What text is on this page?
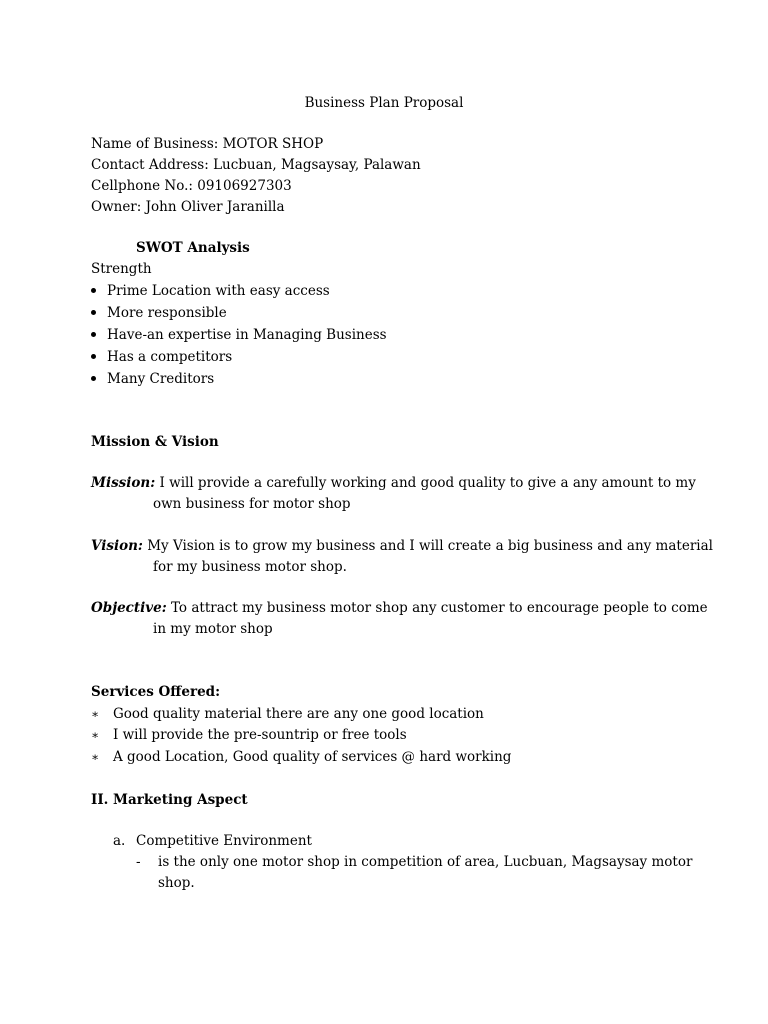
Business Plan Proposal
Name of Business: MOTOR SHOP
Contact Address: Lucbuan, Magsaysay, Palawan
Cellphone No.: 09106927303
Owner: John Oliver Jaranilla
SWOT Analysis
Strength
Prime Location with easy access
More responsible
Have-an expertise in Managing Business
Has a competitors
Many Creditors
Mission & Vision
Mission: I will provide a carefully working and good quality to give a any amount to my
own business for motor shop
Vision: My Vision is to grow my business and I will create a big business and any material
for my business motor shop.
Objective: To attract my business motor shop any customer to encourage people to come
in my motor shop
Services Offered:
∗ Good quality material there are any one good location
∗ I will provide the pre-sountrip or free tools
∗ A good Location, Good quality of services @ hard working
II. Marketing Aspect
a. Competitive Environment
- is the only one motor shop in competition of area, Lucbuan, Magsaysay motor
shop.
